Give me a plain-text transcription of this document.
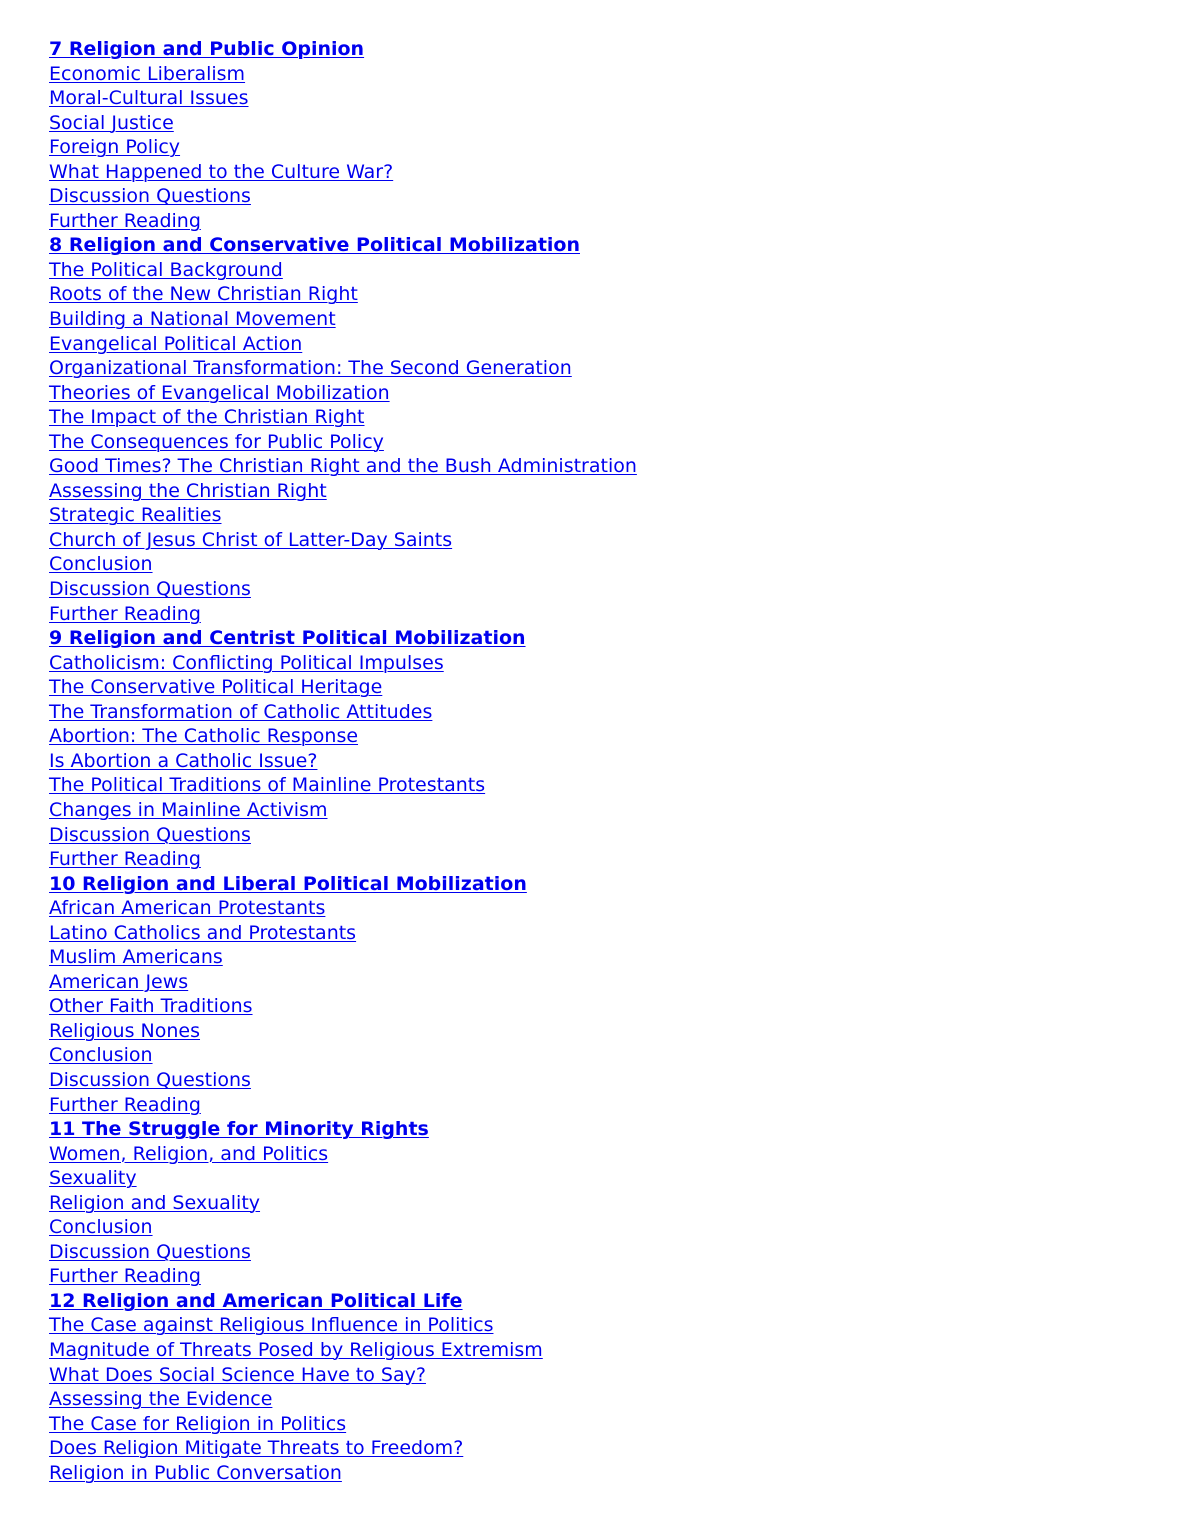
7 Religion and Public Opinion
Economic Liberalism
Moral-Cultural Issues
Social Justice
Foreign Policy
What Happened to the Culture War?
Discussion Questions
Further Reading
8 Religion and Conservative Political Mobilization
The Political Background
Roots of the New Christian Right
Building a National Movement
Evangelical Political Action
Organizational Transformation: The Second Generation
Theories of Evangelical Mobilization
The Impact of the Christian Right
The Consequences for Public Policy
Good Times? The Christian Right and the Bush Administration
Assessing the Christian Right
Strategic Realities
Church of Jesus Christ of Latter-Day Saints
Conclusion
Discussion Questions
Further Reading
9 Religion and Centrist Political Mobilization
Catholicism: Conflicting Political Impulses
The Conservative Political Heritage
The Transformation of Catholic Attitudes
Abortion: The Catholic Response
Is Abortion a Catholic Issue?
The Political Traditions of Mainline Protestants
Changes in Mainline Activism
Discussion Questions
Further Reading
10 Religion and Liberal Political Mobilization
African American Protestants
Latino Catholics and Protestants
Muslim Americans
American Jews
Other Faith Traditions
Religious Nones
Conclusion
Discussion Questions
Further Reading
11 The Struggle for Minority Rights
Women, Religion, and Politics
Sexuality
Religion and Sexuality
Conclusion
Discussion Questions
Further Reading
12 Religion and American Political Life
The Case against Religious Influence in Politics
Magnitude of Threats Posed by Religious Extremism
What Does Social Science Have to Say?
Assessing the Evidence
The Case for Religion in Politics
Does Religion Mitigate Threats to Freedom?
Religion in Public Conversation
